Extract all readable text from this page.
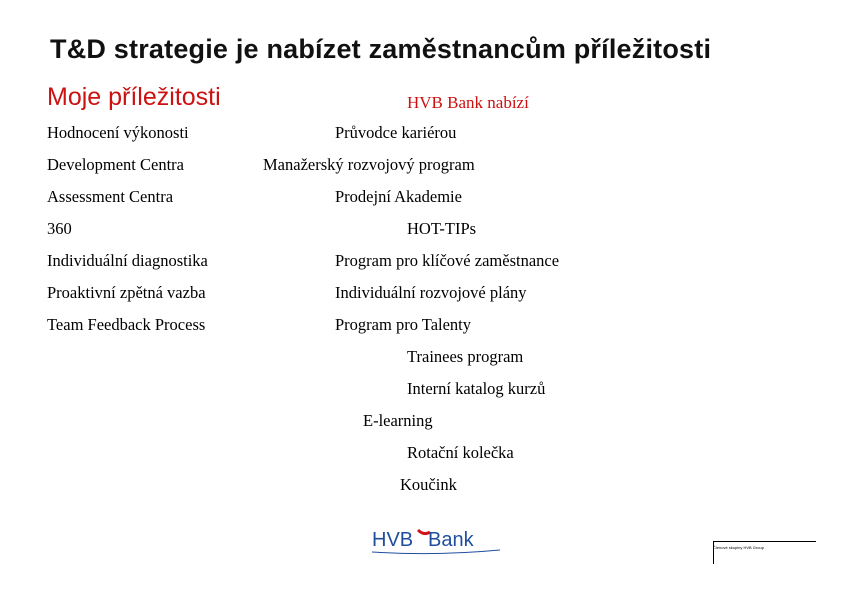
T&D strategie je nabízet zaměstnancům příležitosti
Moje příležitosti	HVB Bank nabízí
Hodnocení výkonosti
Development Centra
Assessment Centra
360
Individuální diagnostika
Proaktivní zpětná vazba
Team Feedback Process
Průvodce kariérou
Manažerský rozvojový program
Prodejní Akademie
HOT-TIPs
Program pro klíčové zaměstnance
Individuální rozvojové plány
Program pro Talenty
Trainees program
Interní katalog kurzů
E-learning
Rotační kolečka
Koučink
HVB Bank	Členové skupiny HVB Group
